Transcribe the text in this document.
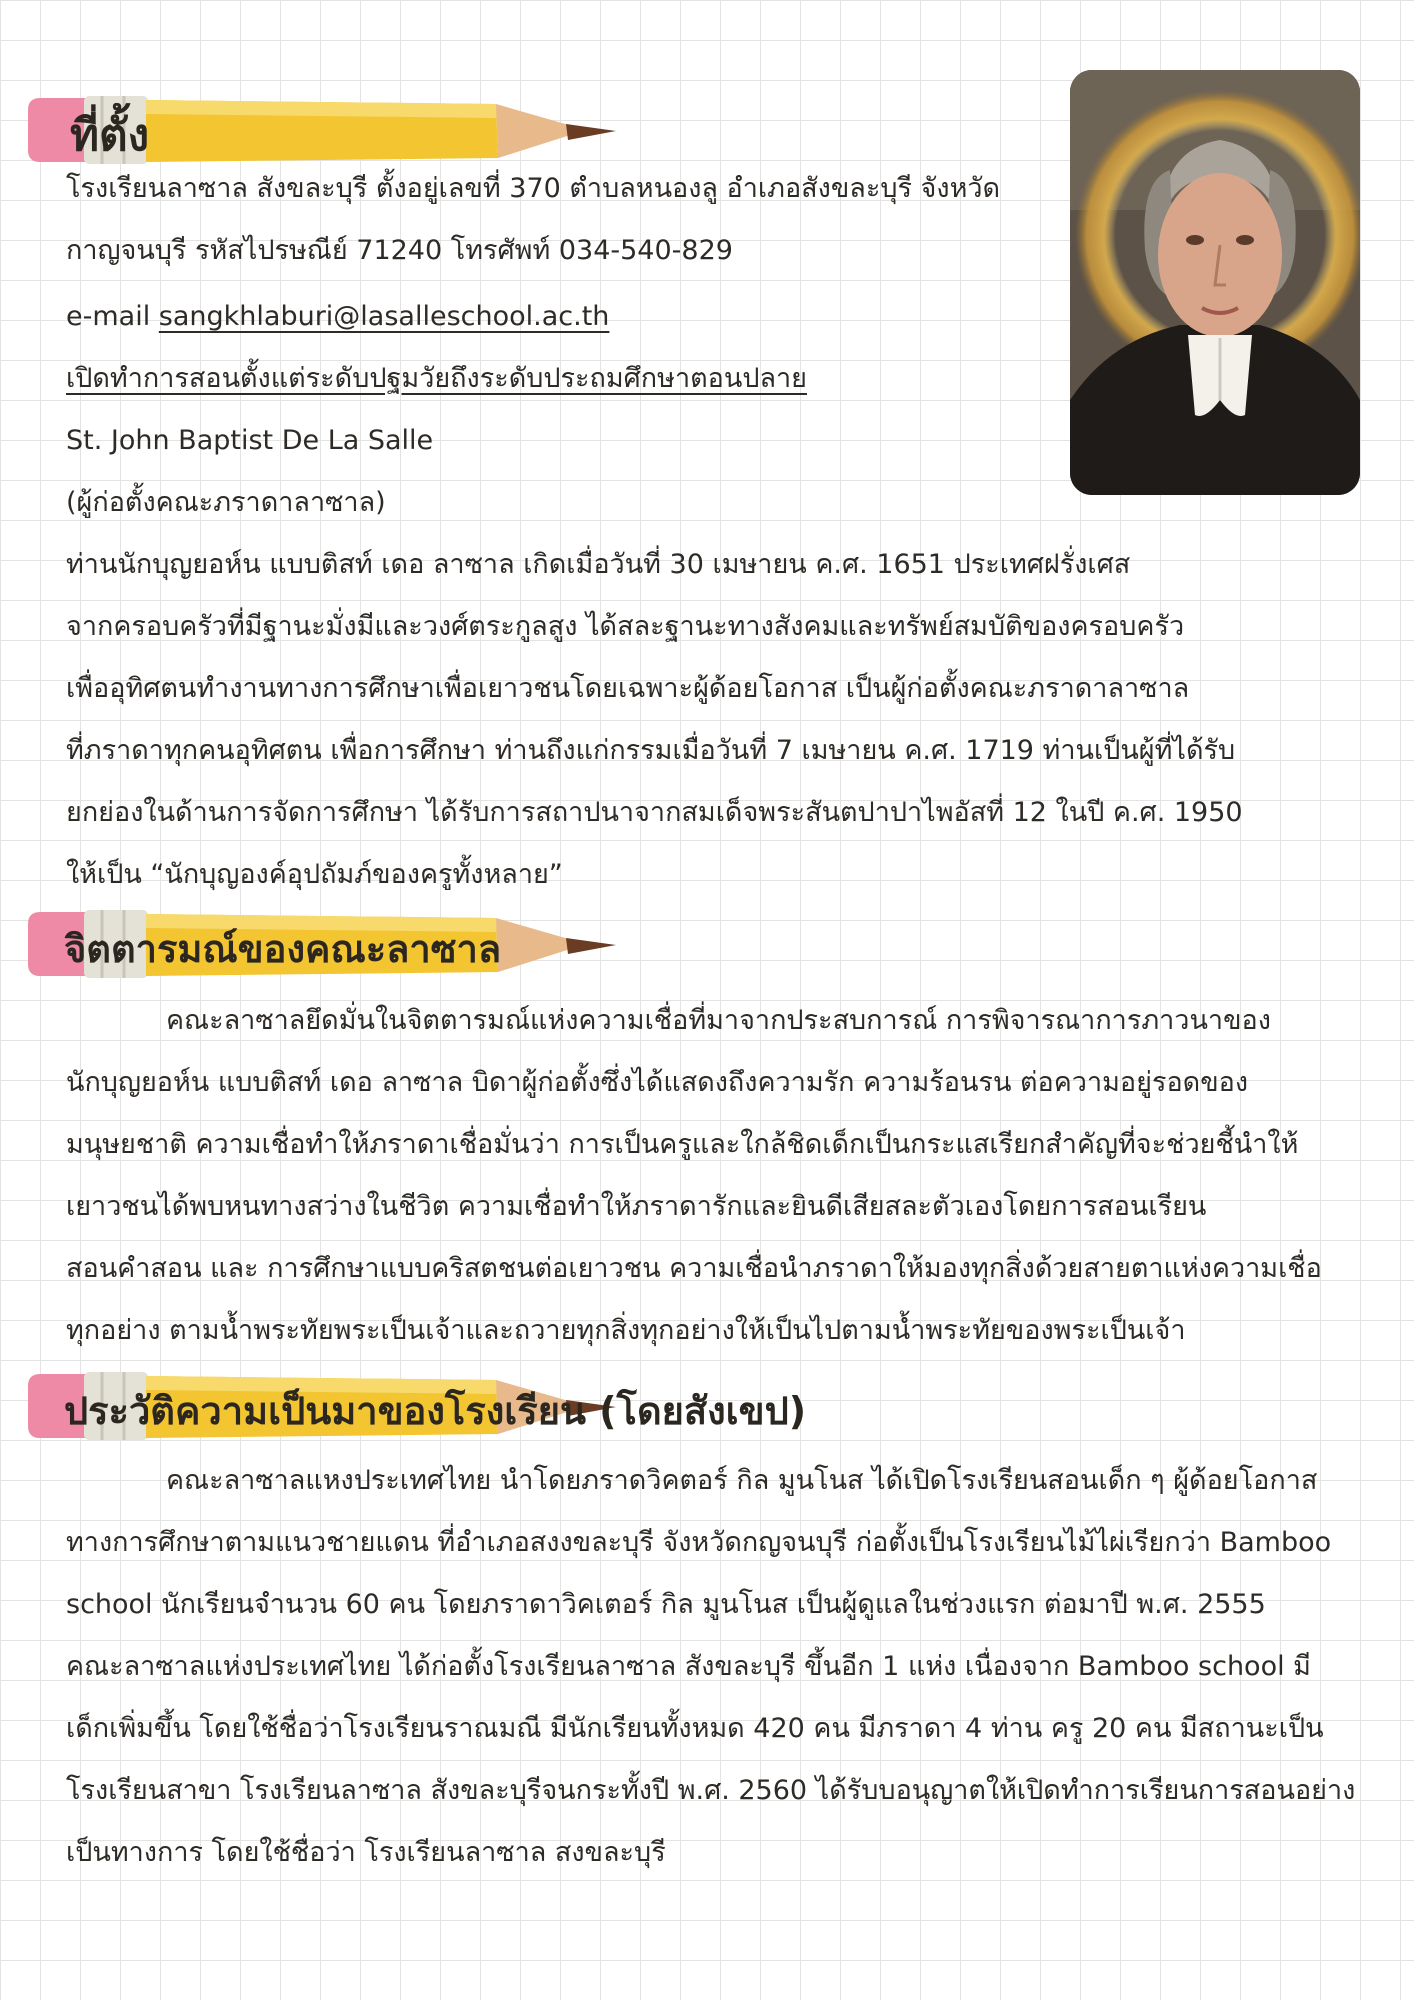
ที่ตั้ง
โรงเรียนลาซาล สังขละบุรี ตั้งอยู่เลขที่ 370 ตำบลหนองลู อำเภอสังขละบุรี จังหวัด
กาญจนบุรี รหัสไปรษณีย์ 71240 โทรศัพท์ 034-540-829
e-mail sangkhlaburi@lasalleschool.ac.th
เปิดทำการสอนตั้งแต่ระดับปฐมวัยถึงระดับประถมศึกษาตอนปลาย
St. John Baptist De La Salle
(ผู้ก่อตั้งคณะภราดาลาซาล)
ท่านนักบุญยอห์น แบบติสท์ เดอ ลาซาล เกิดเมื่อวันที่ 30 เมษายน ค.ศ. 1651 ประเทศฝรั่งเศส
จากครอบครัวที่มีฐานะมั่งมีและวงศ์ตระกูลสูง ได้สละฐานะทางสังคมและทรัพย์สมบัติของครอบครัว
เพื่ออุทิศตนทำงานทางการศึกษาเพื่อเยาวชนโดยเฉพาะผู้ด้อยโอกาส เป็นผู้ก่อตั้งคณะภราดาลาซาล
ที่ภราดาทุกคนอุทิศตน เพื่อการศึกษา ท่านถึงแก่กรรมเมื่อวันที่ 7 เมษายน ค.ศ. 1719 ท่านเป็นผู้ที่ได้รับ
ยกย่องในด้านการจัดการศึกษา ได้รับการสถาปนาจากสมเด็จพระสันตปาปาไพอัสที่ 12 ในปี ค.ศ. 1950
ให้เป็น “นักบุญองค์อุปถัมภ์ของครูทั้งหลาย”
จิตตารมณ์ของคณะลาซาล
คณะลาซาลยึดมั่นในจิตตารมณ์แห่งความเชื่อที่มาจากประสบการณ์ การพิจารณาการภาวนาของ
นักบุญยอห์น แบบติสท์ เดอ ลาซาล บิดาผู้ก่อตั้งซึ่งได้แสดงถึงความรัก ความร้อนรน ต่อความอยู่รอดของ
มนุษยชาติ ความเชื่อทำให้ภราดาเชื่อมั่นว่า การเป็นครูและใกล้ชิดเด็กเป็นกระแสเรียกสำคัญที่จะช่วยชี้นำให้
เยาวชนได้พบหนทางสว่างในชีวิต ความเชื่อทำให้ภราดารักและยินดีเสียสละตัวเองโดยการสอนเรียน
สอนคำสอน และ การศึกษาแบบคริสตชนต่อเยาวชน ความเชื่อนำภราดาให้มองทุกสิ่งด้วยสายตาแห่งความเชื่อ
ทุกอย่าง ตามน้ำพระทัยพระเป็นเจ้าและถวายทุกสิ่งทุกอย่างให้เป็นไปตามน้ำพระทัยของพระเป็นเจ้า
ประวัติความเป็นมาของโรงเรียน (โดยสังเขป)
คณะลาซาลแหงประเทศไทย นำโดยภราดวิคตอร์ กิล มูนโนส ได้เปิดโรงเรียนสอนเด็ก ๆ ผู้ด้อยโอกาส
ทางการศึกษาตามแนวชายแดน ที่อำเภอสงงขละบุรี จังหวัดกญจนบุรี ก่อตั้งเป็นโรงเรียนไม้ไผ่เรียกว่า Bamboo
school นักเรียนจำนวน 60 คน โดยภราดาวิคเตอร์ กิล มูนโนส เป็นผู้ดูแลในช่วงแรก ต่อมาปี พ.ศ. 2555
คณะลาซาลแห่งประเทศไทย ได้ก่อตั้งโรงเรียนลาซาล สังขละบุรี ขึ้นอีก 1 แห่ง เนื่องจาก Bamboo school มี
เด็กเพิ่มขึ้น โดยใช้ชื่อว่าโรงเรียนราณมณี มีนักเรียนทั้งหมด 420 คน มีภราดา 4 ท่าน ครู 20 คน มีสถานะเป็น
โรงเรียนสาขา โรงเรียนลาซาล สังขละบุรีจนกระทั้งปี พ.ศ. 2560 ได้รับบอนุญาตให้เปิดทำการเรียนการสอนอย่าง
เป็นทางการ โดยใช้ชื่อว่า โรงเรียนลาซาล สงขละบุรี
